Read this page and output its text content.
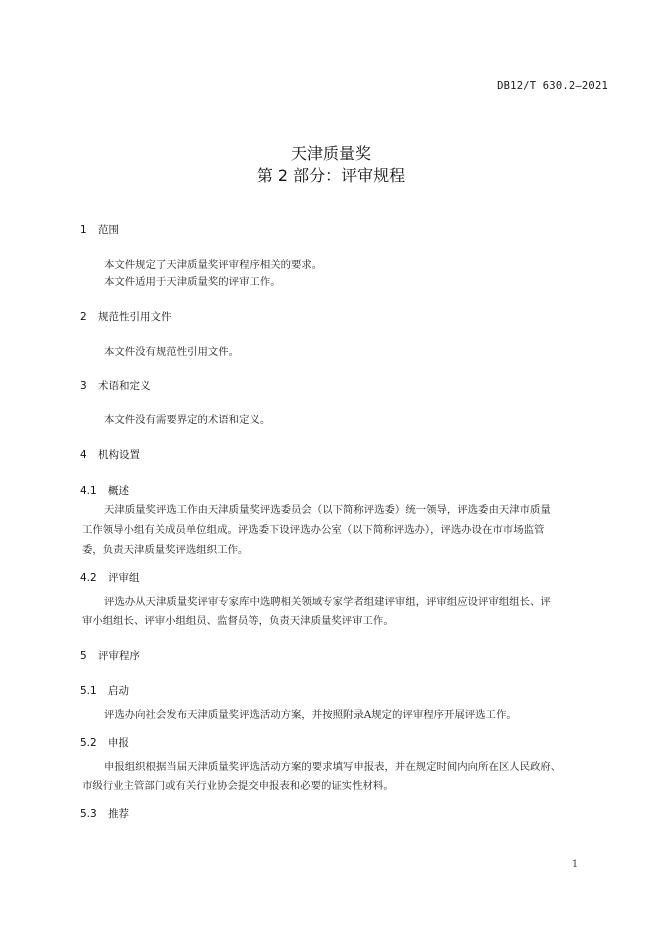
DB12/T 630.2—2021
天津质量奖
第 2 部分：评审规程
1 范围
本文件规定了天津质量奖评审程序相关的要求。
本文件适用于天津质量奖的评审工作。
2 规范性引用文件
本文件没有规范性引用文件。
3 术语和定义
本文件没有需要界定的术语和定义。
4 机构设置
4.1 概述
天津质量奖评选工作由天津质量奖评选委员会（以下简称评选委）统一领导，评选委由天津市质量
工作领导小组有关成员单位组成。评选委下设评选办公室（以下简称评选办），评选办设在市市场监管
委，负责天津质量奖评选组织工作。
4.2 评审组
评选办从天津质量奖评审专家库中选聘相关领域专家学者组建评审组，评审组应设评审组组长、评
审小组组长、评审小组组员、监督员等，负责天津质量奖评审工作。
5 评审程序
5.1 启动
评选办向社会发布天津质量奖评选活动方案，并按照附录A规定的评审程序开展评选工作。
5.2 申报
申报组织根据当届天津质量奖评选活动方案的要求填写申报表，并在规定时间内向所在区人民政府、
市级行业主管部门或有关行业协会提交申报表和必要的证实性材料。
5.3 推荐
1
